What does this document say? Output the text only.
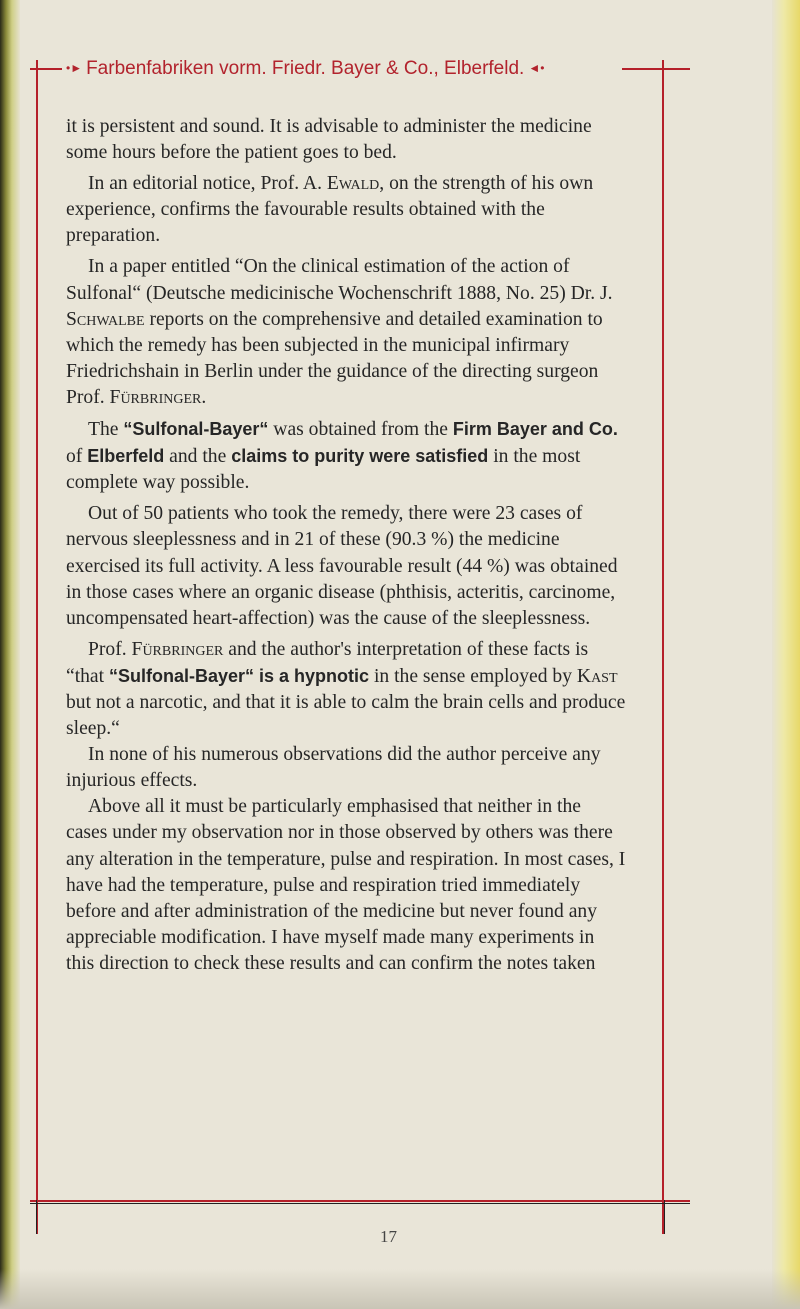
•► Farbenfabriken vorm. Friedr. Bayer & Co., Elberfeld. ◄•

it is persistent and sound. It is advisable to administer the medicine some hours before the patient goes to bed.

In an editorial notice, Prof. A. Ewald, on the strength of his own experience, confirms the favourable results obtained with the preparation.

In a paper entitled “On the clinical estimation of the action of Sulfonal“ (Deutsche medicinische Wochenschrift 1888, No. 25) Dr. J. Schwalbe reports on the comprehensive and detailed examination to which the remedy has been subjected in the municipal infirmary Friedrichshain in Berlin under the guidance of the directing surgeon Prof. Fürbringer.

The “Sulfonal-Bayer“ was obtained from the Firm Bayer and Co. of Elberfeld and the claims to purity were satisfied in the most complete way possible.

Out of 50 patients who took the remedy, there were 23 cases of nervous sleeplessness and in 21 of these (90.3 %) the medicine exercised its full activity. A less favourable result (44 %) was obtained in those cases where an organic disease (phthisis, acteritis, carcinome, uncompensated heart-affection) was the cause of the sleeplessness.

Prof. Fürbringer and the author's interpretation of these facts is “that “Sulfonal-Bayer“ is a hypnotic in the sense employed by Kast but not a narcotic, and that it is able to calm the brain cells and produce sleep.“

In none of his numerous observations did the author perceive any injurious effects.

Above all it must be particularly emphasised that neither in the cases under my observation nor in those observed by others was there any alteration in the temperature, pulse and respiration. In most cases, I have had the temperature, pulse and respiration tried immediately before and after administration of the medicine but never found any appreciable modification. I have myself made many experiments in this direction to check these results and can confirm the notes taken

17
